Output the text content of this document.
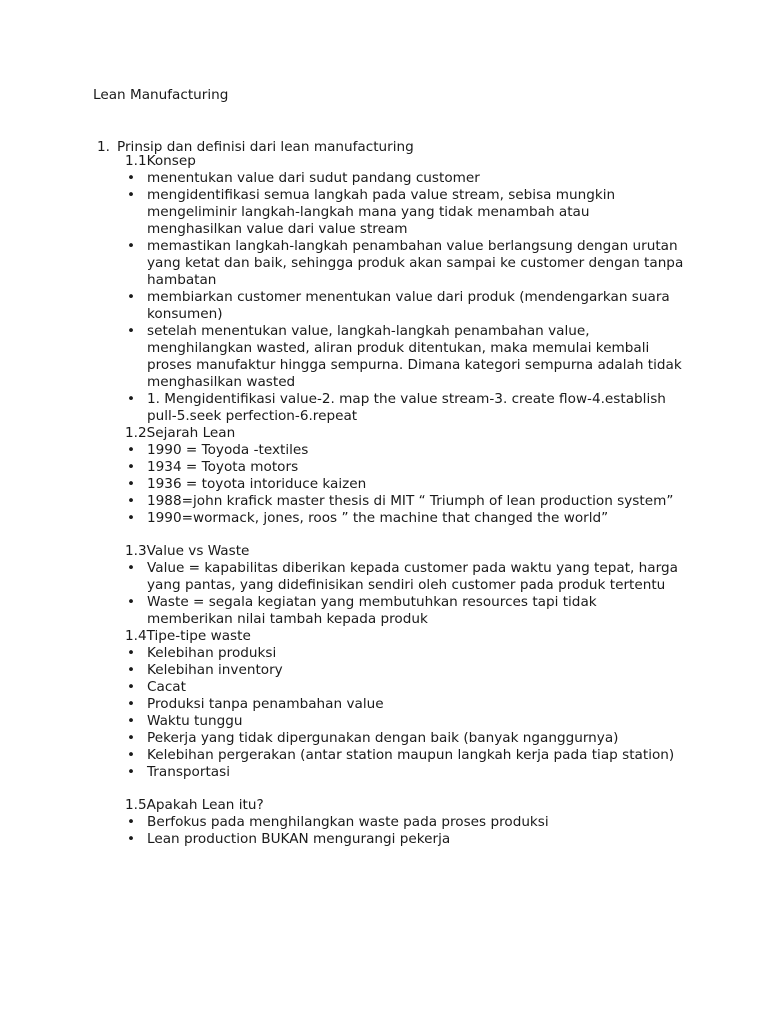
Lean Manufacturing
1. Prinsip dan definisi dari lean manufacturing
1.1Konsep
• menentukan value dari sudut pandang customer
• mengidentifikasi semua langkah pada value stream, sebisa mungkin mengeliminir langkah-langkah mana yang tidak menambah atau menghasilkan value dari value stream
• memastikan langkah-langkah penambahan value berlangsung dengan urutan yang ketat dan baik, sehingga produk akan sampai ke customer dengan tanpa hambatan
• membiarkan customer menentukan value dari produk (mendengarkan suara konsumen)
• setelah menentukan value, langkah-langkah penambahan value, menghilangkan wasted, aliran produk ditentukan, maka memulai kembali proses manufaktur hingga sempurna. Dimana kategori sempurna adalah tidak menghasilkan wasted
• 1. Mengidentifikasi value-2. map the value stream-3. create flow-4.establish pull-5.seek perfection-6.repeat
1.2Sejarah Lean
• 1990 = Toyoda -textiles
• 1934 = Toyota motors
• 1936 = toyota intoriduce kaizen
• 1988=john krafick master thesis di MIT “ Triumph of lean production system”
• 1990=wormack, jones, roos ” the machine that changed the world”
1.3Value vs Waste
• Value = kapabilitas diberikan kepada customer pada waktu yang tepat, harga yang pantas, yang didefinisikan sendiri oleh customer pada produk tertentu
• Waste = segala kegiatan yang membutuhkan resources tapi tidak memberikan nilai tambah kepada produk
1.4Tipe-tipe waste
• Kelebihan produksi
• Kelebihan inventory
• Cacat
• Produksi tanpa penambahan value
• Waktu tunggu
• Pekerja yang tidak dipergunakan dengan baik (banyak nganggurnya)
• Kelebihan pergerakan (antar station maupun langkah kerja pada tiap station)
• Transportasi
1.5Apakah Lean itu?
• Berfokus pada menghilangkan waste pada proses produksi
• Lean production BUKAN mengurangi pekerja
